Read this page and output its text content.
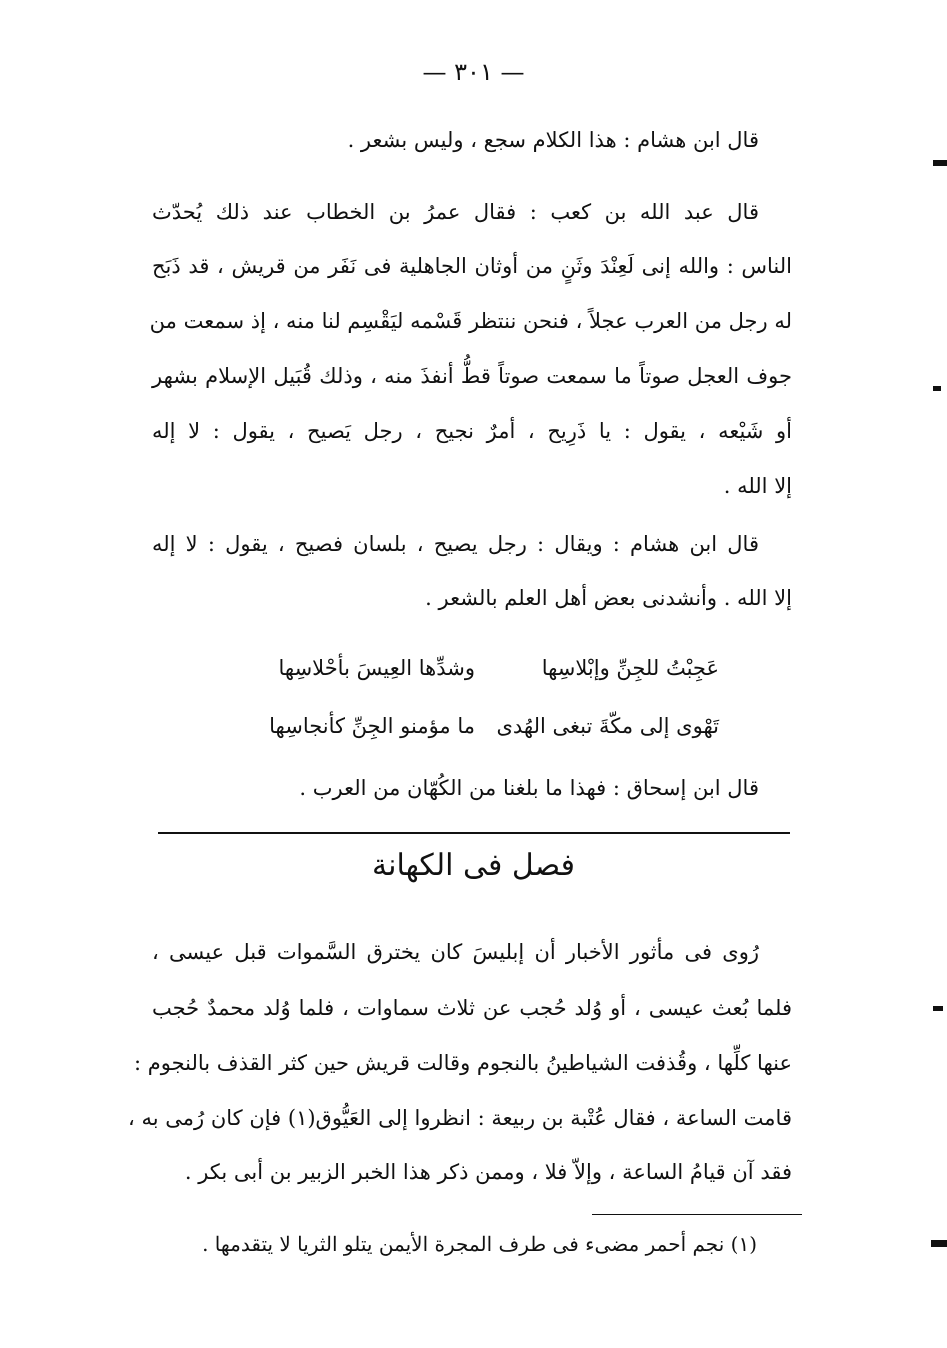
— ٣٠١ —
قال ابن هشام : هذا الكلام سجع ، وليس بشعر .
قال عبد الله بن كعب : فقال عمرُ بن الخطاب عند ذلك يُحدّث
الناس : والله إنى لَعِنْدَ وثَنٍ من أوثان الجاهلية فى نَفَر من قريش ، قد ذَبَح
له رجل من العرب عجلاً ، فنحن ننتظر قَسْمه ليَقْسِم لنا منه ، إذ سمعت من
جوف العجل صوتاً ما سمعت صوتاً قطُّ أنفذَ منه ، وذلك قُبَيل الإسلام بشهر
أو شَيْعه ، يقول : يا ذَرِيح ، أمرٌ نجيح ، رجل يَصيح ، يقول : لا إله
إلا الله .
قال ابن هشام : ويقال : رجل يصيح ، بلسان فصيح ، يقول : لا إله
إلا الله . وأنشدنى بعض أهل العلم بالشعر .
عَجِبْتُ للجِنِّ وإبْلاسِها
وشدِّها العِيسَ بأحْلاسِها
تَهْوى إلى مكّةَ تبغى الهُدى
ما مؤمنو الجِنِّ كأنجاسِها
قال ابن إسحاق : فهذا ما بلغنا من الكُهّان من العرب .
فصل فى الكهانة
رُوى فى مأثور الأخبار أن إبليسَ كان يخترق السَّموات قبل عيسى ،
فلما بُعث عيسى ، أو وُلد حُجب عن ثلاث سماوات ، فلما وُلد محمدٌ حُجب
عنها كلِّها ، وقُذفت الشياطينُ بالنجوم وقالت قريش حين كثر القذف بالنجوم :
قامت الساعة ، فقال عُتْبة بن ربيعة : انظروا إلى العَيُّوق(١) فإن كان رُمى به ،
فقد آن قيامُ الساعة ، وإلاّ فلا ، وممن ذكر هذا الخبر الزبير بن أبى بكر .
(١) نجم أحمر مضىء فى طرف المجرة الأيمن يتلو الثريا لا يتقدمها .
